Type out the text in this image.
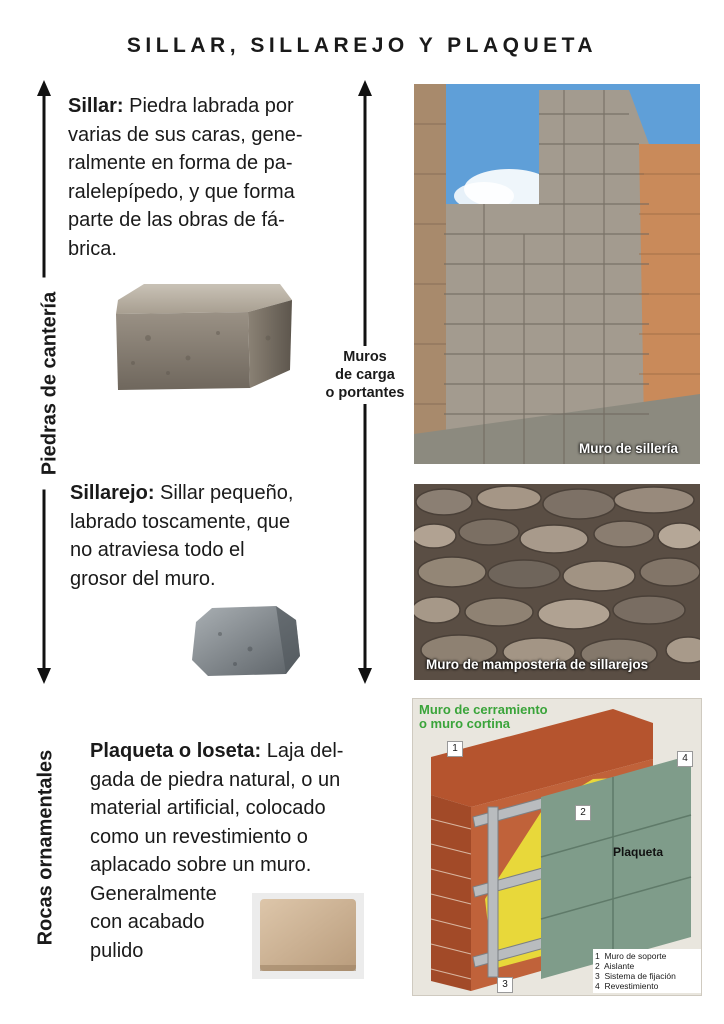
SILLAR, SILLAREJO Y PLAQUETA
Piedras de cantería
Rocas ornamentales
Muros
de carga
o portantes
Sillar: Piedra labrada por
varias de sus caras, gene-
ralmente en forma de pa-
ralelepípedo, y que forma
parte de las obras de fá-
brica.
Sillarejo: Sillar pequeño,
labrado toscamente, que
no atraviesa todo el
grosor del muro.
Plaqueta o loseta: Laja del-
gada de piedra natural, o un
material artificial, colocado
como un revestimiento o
aplacado sobre un muro.
Generalmente
con acabado
pulido
Muro de sillería
Muro de mampostería de sillarejos
Muro de cerramiento
o muro cortina
Plaqueta
1
2
3
4
1 Muro de soporte
2 Aislante
3 Sistema de fijación
4 Revestimiento
